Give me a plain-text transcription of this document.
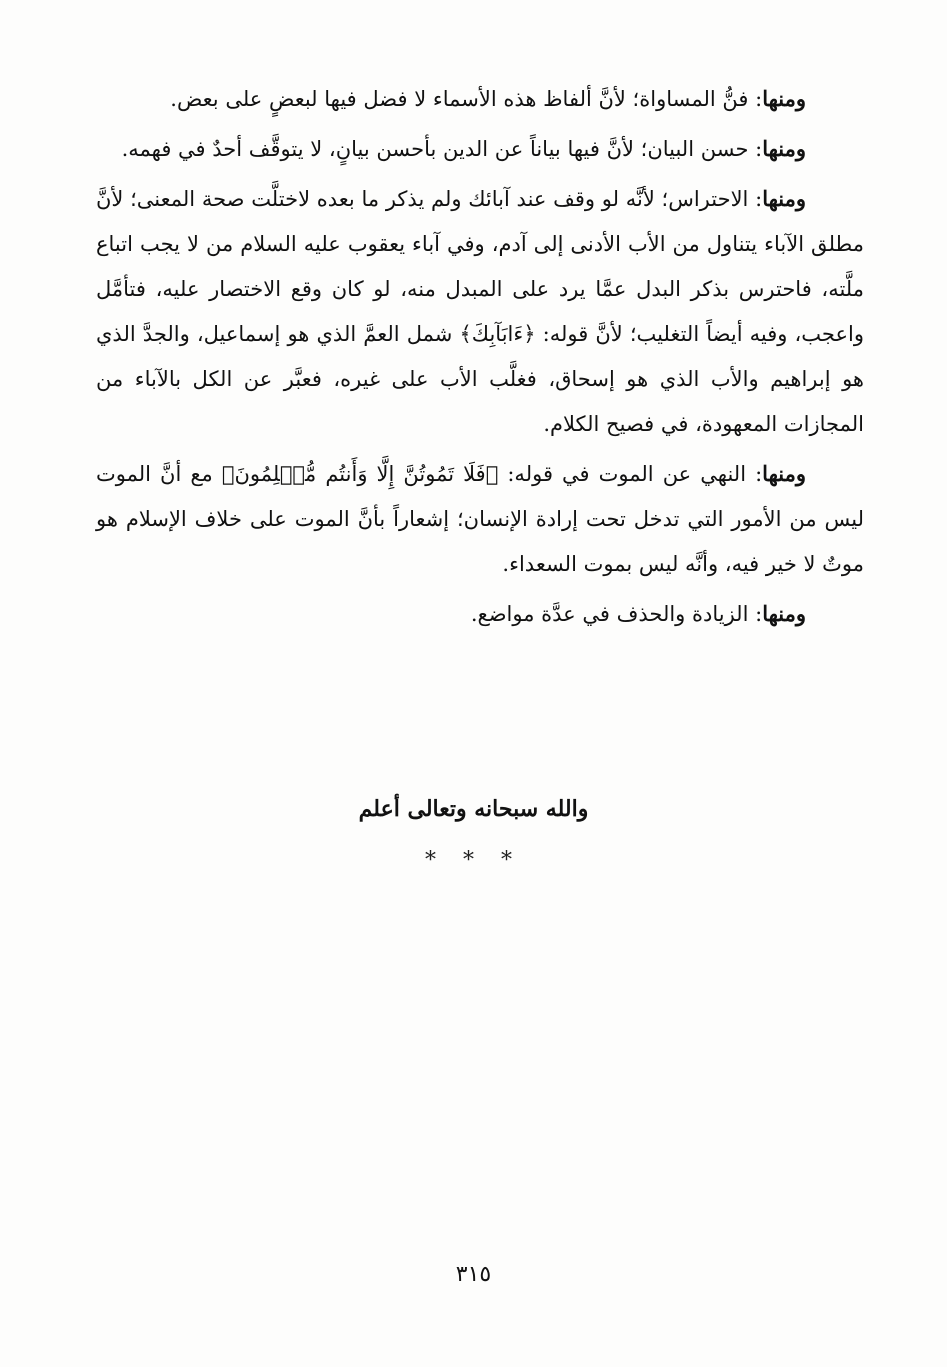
ومنها: فنُّ المساواة؛ لأنَّ ألفاظ هذه الأسماء لا فضل فيها لبعضٍ على بعض.

ومنها: حسن البيان؛ لأنَّ فيها بياناً عن الدين بأحسن بيانٍ، لا يتوقَّف أحدٌ في فهمه.

ومنها: الاحتراس؛ لأنَّه لو وقف عند آبائك ولم يذكر ما بعده لاختلَّت صحة المعنى؛ لأنَّ مطلق الآباء يتناول من الأب الأدنى إلى آدم، وفي آباء يعقوب عليه السلام من لا يجب اتباع ملَّته، فاحترس بذكر البدل عمَّا يرد على المبدل منه، لو كان وقع الاختصار عليه، فتأمَّل واعجب، وفيه أيضاً التغليب؛ لأنَّ قوله: ﴿ءَابَآبِكَ﴾ شمل العمَّ الذي هو إسماعيل، والجدَّ الذي هو إبراهيم والأب الذي هو إسحاق، فغلَّب الأب على غيره، فعبَّر عن الكل بالآباء من المجازات المعهودة، في فصيح الكلام.

ومنها: النهي عن الموت في قوله: ﴿فَلَا تَمُوتُنَّ إِلَّا وَأَنتُم مُّسۡلِمُونَ﴾ مع أنَّ الموت ليس من الأمور التي تدخل تحت إرادة الإنسان؛ إشعاراً بأنَّ الموت على خلاف الإسلام هو موتٌ لا خير فيه، وأنَّه ليس بموت السعداء.

ومنها: الزيادة والحذف في عدَّة مواضع.

والله سبحانه وتعالى أعلم
* * *
٣١٥
